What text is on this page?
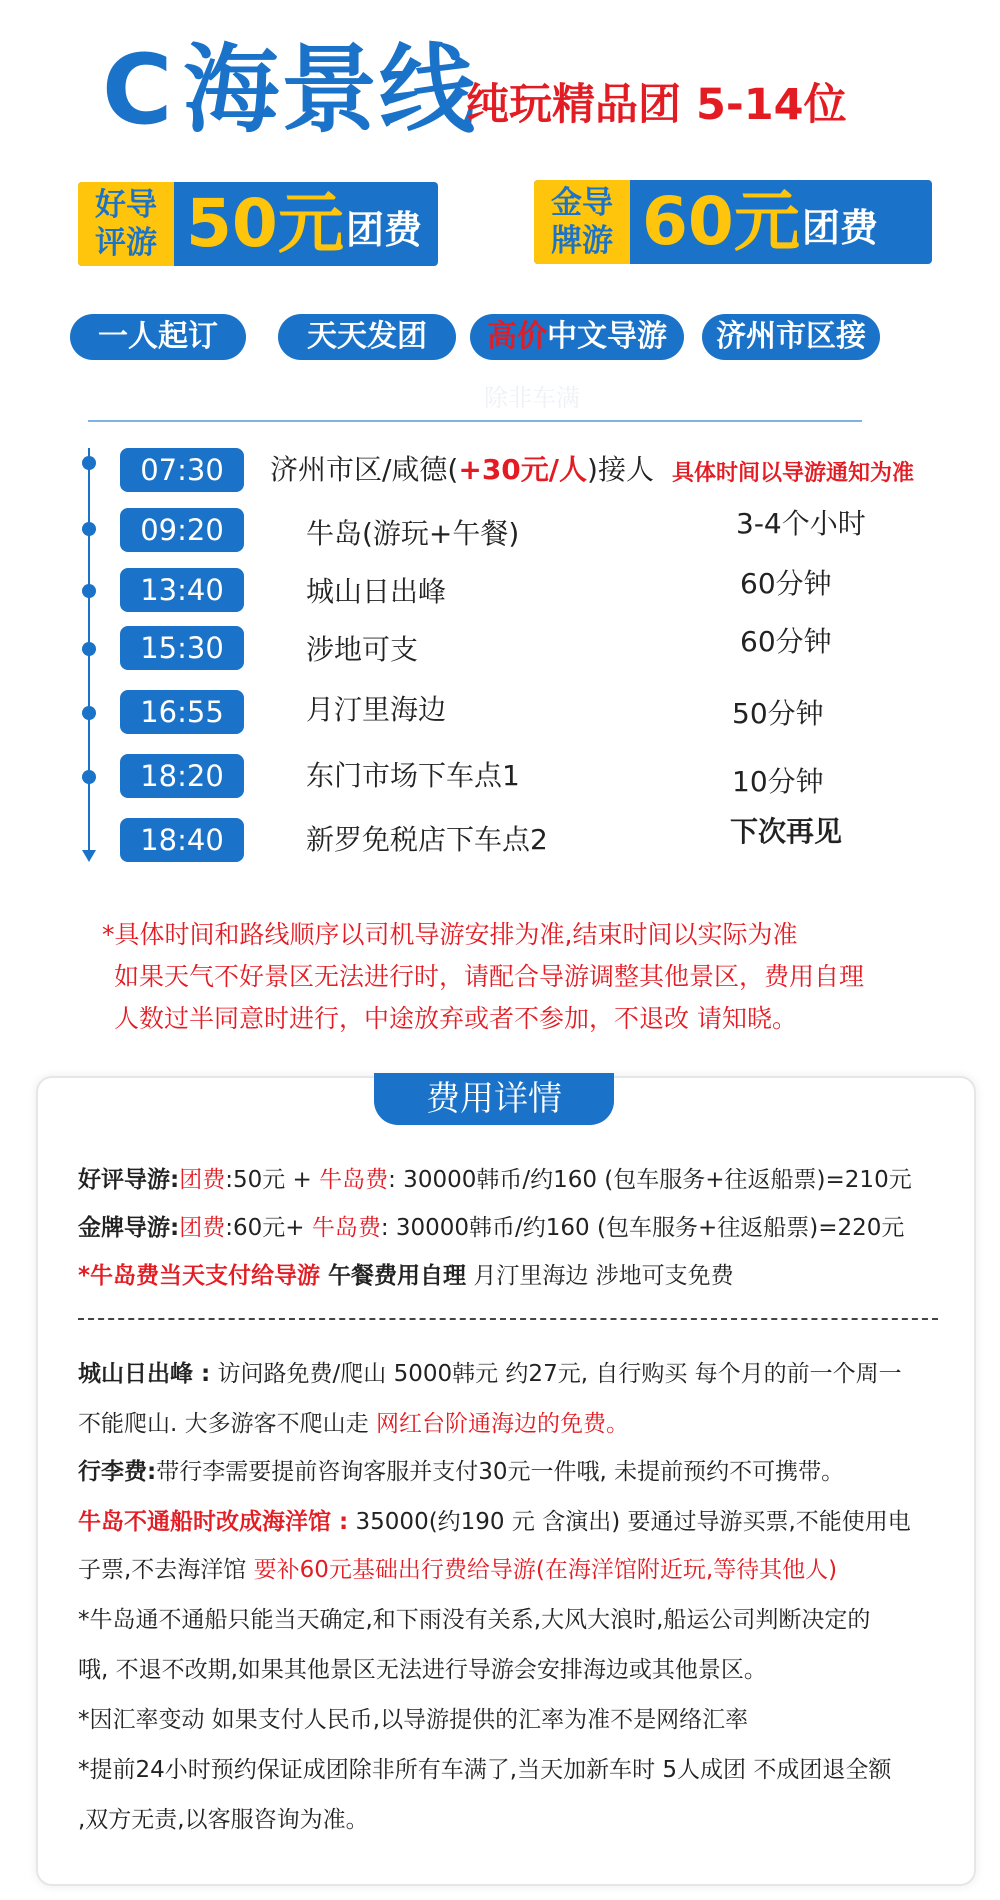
C 海景线
纯玩精品团 5-14位
好导
评游 50元 团费
金导
牌游 60元 团费
一人起订	天天发团	高价中文导游	济州市区接
除非车满
07:30	济州市区/咸德(+30元/人)接人 具体时间以导游通知为准
09:20	牛岛(游玩+午餐)	3-4个小时
13:40	城山日出峰	60分钟
15:30	涉地可支	60分钟
16:55	月汀里海边	50分钟
18:20	东门市场下车点1	10分钟
18:40	新罗免税店下车点2	下次再见
*具体时间和路线顺序以司机导游安排为准,结束时间以实际为准
如果天气不好景区无法进行时，请配合导游调整其他景区，费用自理
人数过半同意时进行，中途放弃或者不参加，不退改 请知晓。
费用详情
好评导游:团费:50元 + 牛岛费: 30000韩币/约160 (包车服务+往返船票)=210元
金牌导游:团费:60元+ 牛岛费: 30000韩币/约160 (包车服务+往返船票)=220元
*牛岛费当天支付给导游 午餐费用自理 月汀里海边 涉地可支免费
城山日出峰 : 访问路免费/爬山 5000韩元 约27元, 自行购买 每个月的前一个周一
不能爬山. 大多游客不爬山走 网红台阶通海边的免费。
行李费:带行李需要提前咨询客服并支付30元一件哦, 未提前预约不可携带。
牛岛不通船时改成海洋馆 : 35000(约190 元 含演出) 要通过导游买票,不能使用电
子票,不去海洋馆 要补60元基础出行费给导游(在海洋馆附近玩,等待其他人)
*牛岛通不通船只能当天确定,和下雨没有关系,大风大浪时,船运公司判断决定的
哦, 不退不改期,如果其他景区无法进行导游会安排海边或其他景区。
*因汇率变动 如果支付人民币,以导游提供的汇率为准不是网络汇率
*提前24小时预约保证成团除非所有车满了,当天加新车时 5人成团 不成团退全额
,双方无责,以客服咨询为准。
